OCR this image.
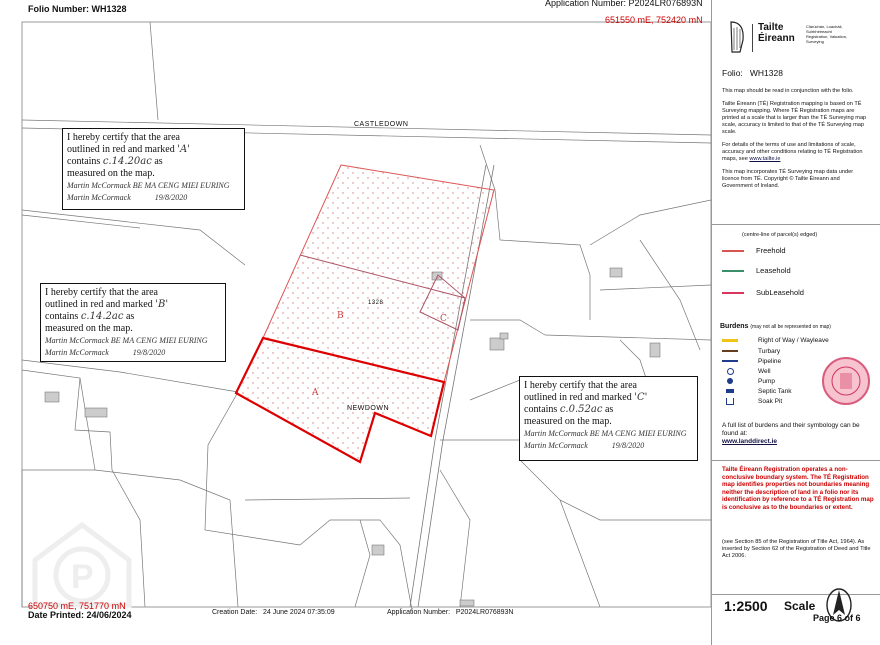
Folio Number: WH1328
Application Number: P2024LR076893N
651550 mE, 752420 mN
CASTLEDOWN
NEWDOWN
1328
A
B	C
I hereby certify that the area
outlined in red and marked 'A'
contains c.14.20ac as
measured on the map.
Martin McCormack BE MA CENG MIEI EURING
Martin McCormack	19/8/2020
I hereby certify that the area
outlined in red and marked 'B'
contains c.14.2ac as
measured on the map.
Martin McCormack BE MA CENG MIEI EURING
Martin McCormack	19/8/2020
I hereby certify that the area
outlined in red and marked 'C'
contains c.0.52ac as
measured on the map.
Martin McCormack BE MA CENG MIEI EURING
Martin McCormack	19/8/2020
P
650750 mE, 751770 mN
Date Printed: 24/06/2024	Creation Date: 24 June 2024 07:35:09	Application Number: P2024LR076893N
Tailte
Éireann
Clárúchán, Luacháil,
Suirbhéireacht
Registration, Valuation,
Surveying
Folio: WH1328

This map should be read in conjunction with the folio.

Tailte Éireann (TÉ) Registration mapping is based on TÉ Surveying mapping. Where TÉ Registration maps are printed at a scale that is larger than the TÉ Surveying map scale, accuracy is limited to that of the TÉ Surveying map scale.

For details of the terms of use and limitations of scale, accuracy and other conditions relating to TÉ Registration maps, see www.tailte.ie

This map incorporates TÉ Surveying map data under licence from TÉ. Copyright © Tailte Éireann and Government of Ireland.

(centre-line of parcel(s) edged)
Freehold
Leasehold
SubLeasehold
Burdens (may not all be represented on map)
Right of Way / Wayleave
Turbary
Pipeline
Well
Pump
Septic Tank
Soak Pit
A full list of burdens and their symbology can be found at:
www.landdirect.ie
Tailte Éireann Registration operates a non-conclusive boundary system. The TÉ Registration map identifies properties not boundaries meaning neither the description of land in a folio nor its identification by reference to a TÉ Registration map is conclusive as to the boundaries or extent.
(see Section 85 of the Registration of Title Act, 1964). As inserted by Section 62 of the Registration of Deed and Title Act 2006.
1:2500 Scale
Page 6 of 6
